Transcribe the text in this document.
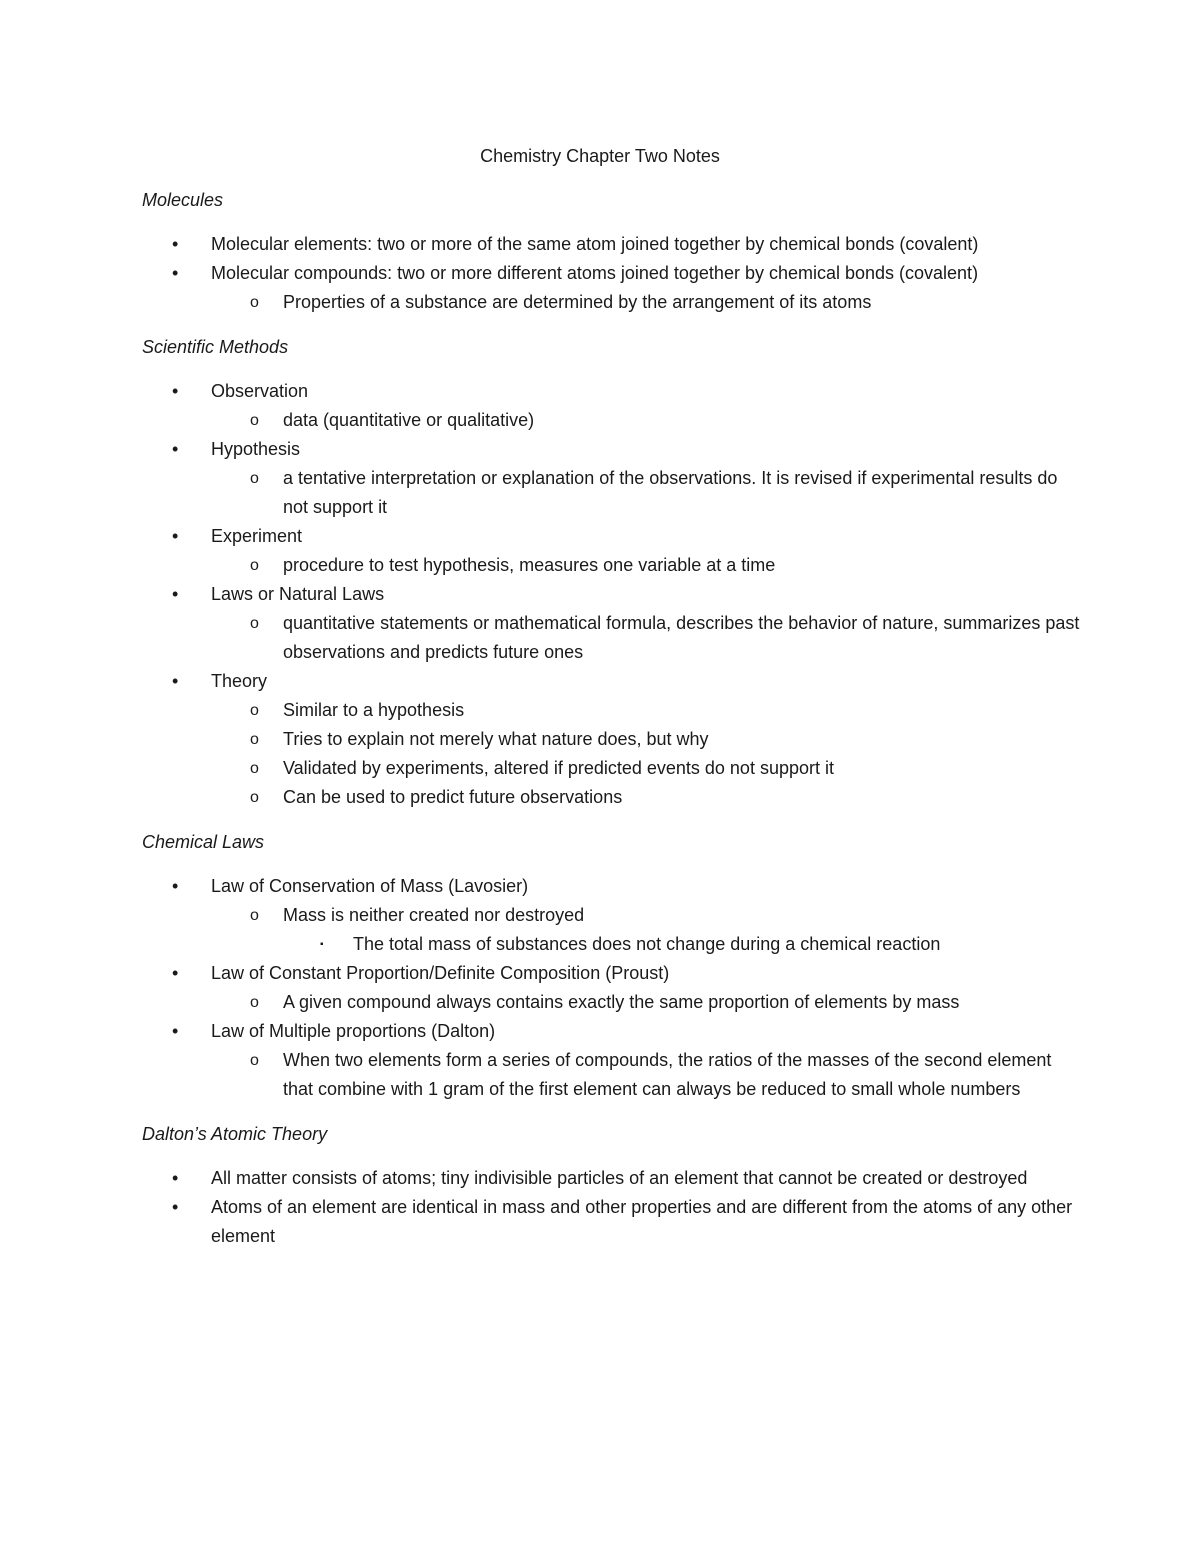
Chemistry Chapter Two Notes
Molecules
• Molecular elements: two or more of the same atom joined together by chemical bonds (covalent)
• Molecular compounds: two or more different atoms joined together by chemical bonds (covalent)
o Properties of a substance are determined by the arrangement of its atoms
Scientific Methods
• Observation
o data (quantitative or qualitative)
• Hypothesis
o a tentative interpretation or explanation of the observations. It is revised if experimental results do not support it
• Experiment
o procedure to test hypothesis, measures one variable at a time
• Laws or Natural Laws
o quantitative statements or mathematical formula, describes the behavior of nature, summarizes past observations and predicts future ones
• Theory
o Similar to a hypothesis
o Tries to explain not merely what nature does, but why
o Validated by experiments, altered if predicted events do not support it
o Can be used to predict future observations
Chemical Laws
• Law of Conservation of Mass (Lavosier)
o Mass is neither created nor destroyed
▪ The total mass of substances does not change during a chemical reaction
• Law of Constant Proportion/Definite Composition (Proust)
o A given compound always contains exactly the same proportion of elements by mass
• Law of Multiple proportions (Dalton)
o When two elements form a series of compounds, the ratios of the masses of the second element that combine with 1 gram of the first element can always be reduced to small whole numbers
Dalton’s Atomic Theory
• All matter consists of atoms; tiny indivisible particles of an element that cannot be created or destroyed
• Atoms of an element are identical in mass and other properties and are different from the atoms of any other element
